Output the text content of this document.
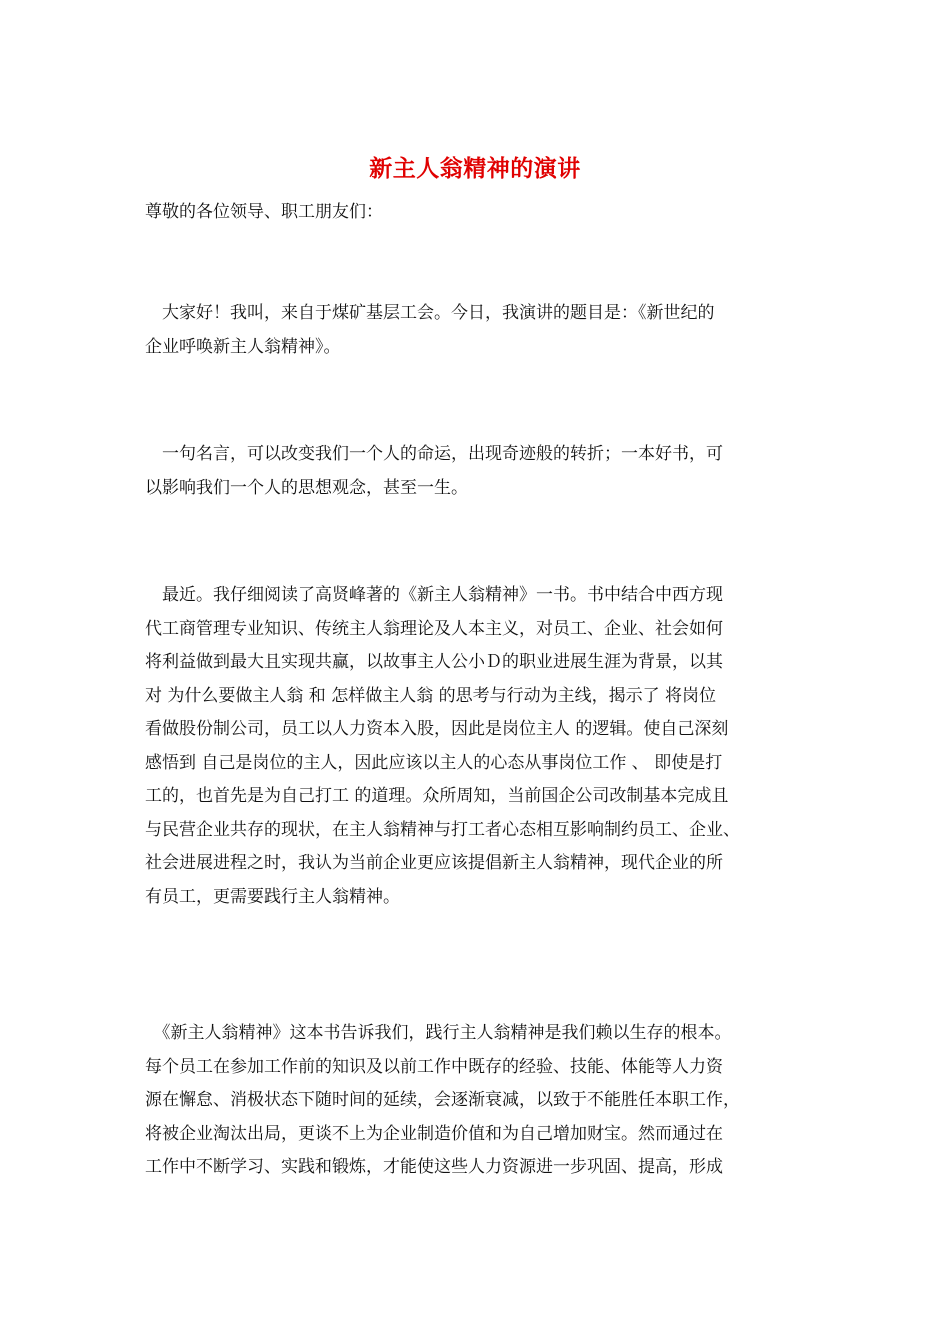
新主人翁精神的演讲
尊敬的各位领导、职工朋友们：
　大家好！我叫，来自于煤矿基层工会。今日，我演讲的题目是：《新世纪的
企业呼唤新主人翁精神》。
　一句名言，可以改变我们一个人的命运，出现奇迹般的转折；一本好书，可
以影响我们一个人的思想观念，甚至一生。
　最近。我仔细阅读了高贤峰著的《新主人翁精神》一书。书中结合中西方现
代工商管理专业知识、传统主人翁理论及人本主义，对员工、企业、社会如何
将利益做到最大且实现共赢，以故事主人公小Ｄ的职业进展生涯为背景，以其
对 为什么要做主人翁 和 怎样做主人翁 的思考与行动为主线，揭示了 将岗位
看做股份制公司，员工以人力资本入股，因此是岗位主人 的逻辑。使自己深刻
感悟到 自己是岗位的主人，因此应该以主人的心态从事岗位工作 、 即使是打
工的，也首先是为自己打工 的道理。众所周知，当前国企公司改制基本完成且
与民营企业共存的现状，在主人翁精神与打工者心态相互影响制约员工、企业、
社会进展进程之时，我认为当前企业更应该提倡新主人翁精神，现代企业的所
有员工，更需要践行主人翁精神。
　《新主人翁精神》这本书告诉我们，践行主人翁精神是我们赖以生存的根本。
每个员工在参加工作前的知识及以前工作中既存的经验、技能、体能等人力资
源在懈怠、消极状态下随时间的延续，会逐渐衰减，以致于不能胜任本职工作，
将被企业淘汰出局，更谈不上为企业制造价值和为自己增加财宝。然而通过在
工作中不断学习、实践和锻炼，才能使这些人力资源进一步巩固、提高，形成
